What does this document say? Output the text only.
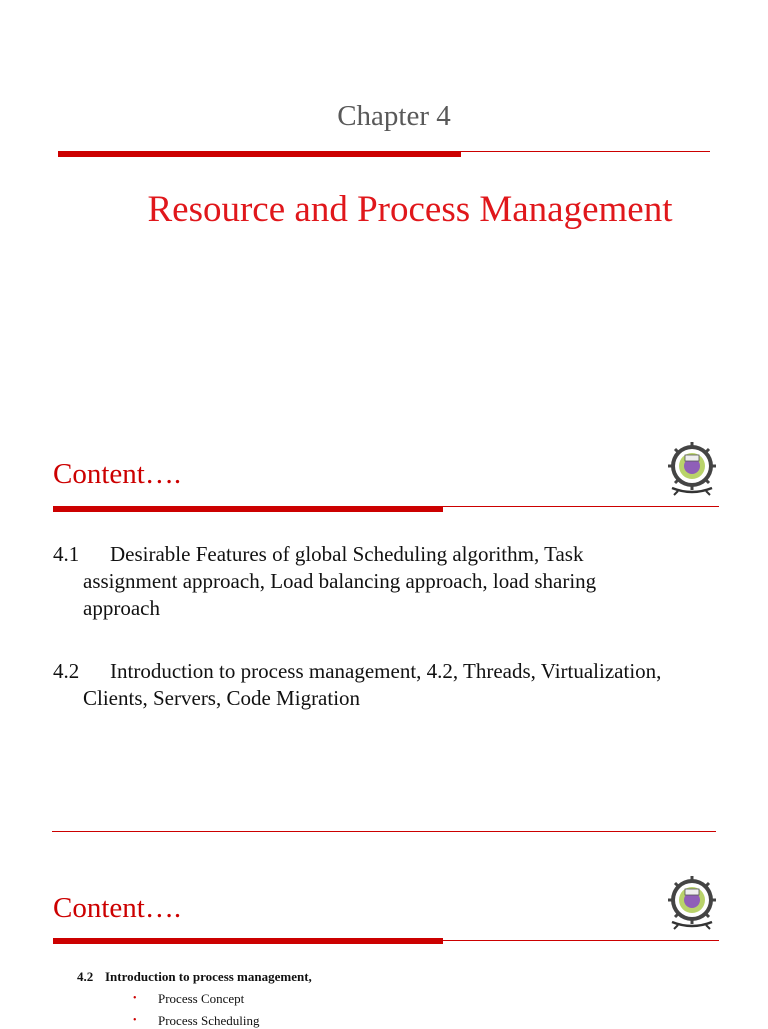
Chapter 4
Resource and Process Management
Content….
4.1 Desirable Features of global Scheduling algorithm, Task
assignment approach, Load balancing approach, load sharing
approach
4.2 Introduction to process management, 4.2, Threads, Virtualization,
Clients, Servers, Code Migration
Content….
4.2 Introduction to process management,
• Process Concept
• Process Scheduling
